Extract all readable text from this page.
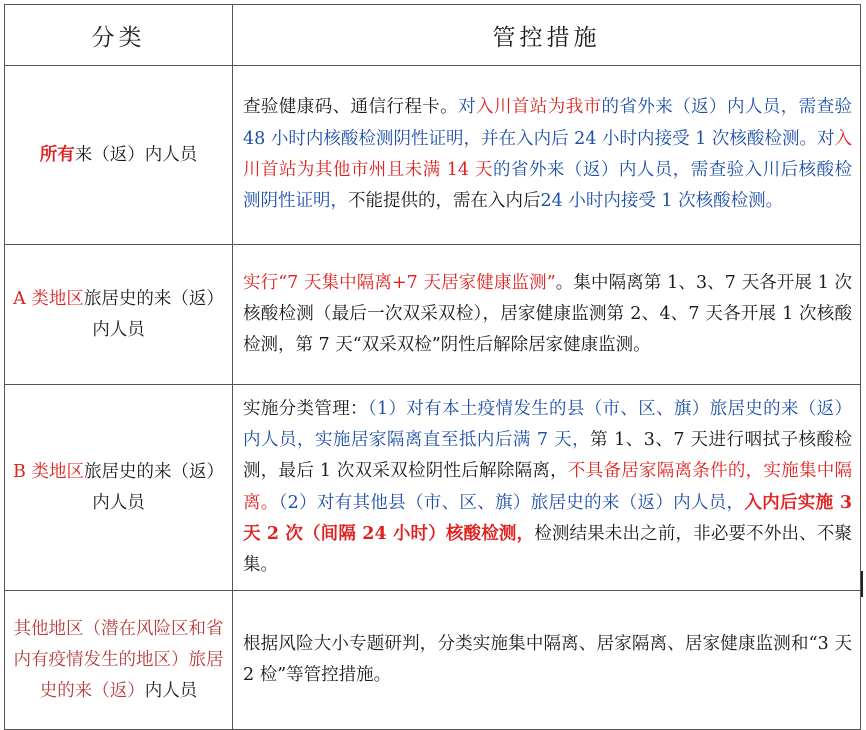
分类	管控措施
所有来（返）内人员	查验健康码、通信行程卡。对入川首站为我市的省外来（返）内人员，需查验 48 小时内核酸检测阴性证明，并在入内后 24 小时内接受 1 次核酸检测。对入川首站为其他市州且未满 14 天的省外来（返）内人员，需查验入川后核酸检测阴性证明，不能提供的，需在入内后24 小时内接受 1 次核酸检测。
A 类地区旅居史的来（返）内人员	实行“7 天集中隔离+7 天居家健康监测”。集中隔离第 1、3、7 天各开展 1 次核酸检测（最后一次双采双检），居家健康监测第 2、4、7 天各开展 1 次核酸检测，第 7 天“双采双检”阴性后解除居家健康监测。
B 类地区旅居史的来（返）内人员	实施分类管理：（1）对有本土疫情发生的县（市、区、旗）旅居史的来（返）内人员，实施居家隔离直至抵内后满 7 天，第 1、3、7 天进行咽拭子核酸检测，最后 1 次双采双检阴性后解除隔离，不具备居家隔离条件的，实施集中隔离。（2）对有其他县（市、区、旗）旅居史的来（返）内人员，入内后实施 3 天 2 次（间隔 24 小时）核酸检测，检测结果未出之前，非必要不外出、不聚集。
其他地区（潜在风险区和省内有疫情发生的地区）旅居史的来（返）内人员	根据风险大小专题研判，分类实施集中隔离、居家隔离、居家健康监测和“3 天 2 检”等管控措施。
